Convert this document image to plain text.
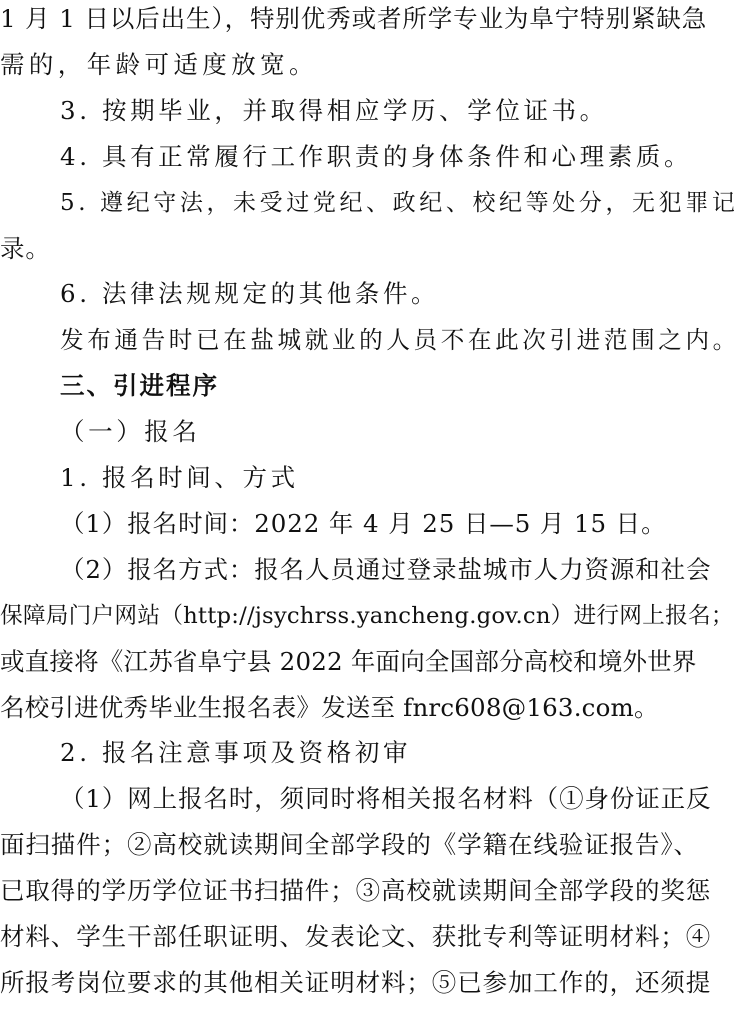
1 月 1 日以后出生），特别优秀或者所学专业为阜宁特别紧缺急
需的，年龄可适度放宽。
3. 按期毕业，并取得相应学历、学位证书。
4. 具有正常履行工作职责的身体条件和心理素质。
5. 遵纪守法，未受过党纪、政纪、校纪等处分，无犯罪记
录。
6. 法律法规规定的其他条件。
发布通告时已在盐城就业的人员不在此次引进范围之内。
三、引进程序
（一）报名
1. 报名时间、方式
（1）报名时间：2022 年 4 月 25 日—5 月 15 日。
（2）报名方式：报名人员通过登录盐城市人力资源和社会
保障局门户网站（http://jsychrss.yancheng.gov.cn）进行网上报名；
或直接将《江苏省阜宁县 2022 年面向全国部分高校和境外世界
名校引进优秀毕业生报名表》发送至 fnrc608@163.com。
2. 报名注意事项及资格初审
（1）网上报名时，须同时将相关报名材料（①身份证正反
面扫描件；②高校就读期间全部学段的《学籍在线验证报告》、
已取得的学历学位证书扫描件；③高校就读期间全部学段的奖惩
材料、学生干部任职证明、发表论文、获批专利等证明材料；④
所报考岗位要求的其他相关证明材料；⑤已参加工作的，还须提
